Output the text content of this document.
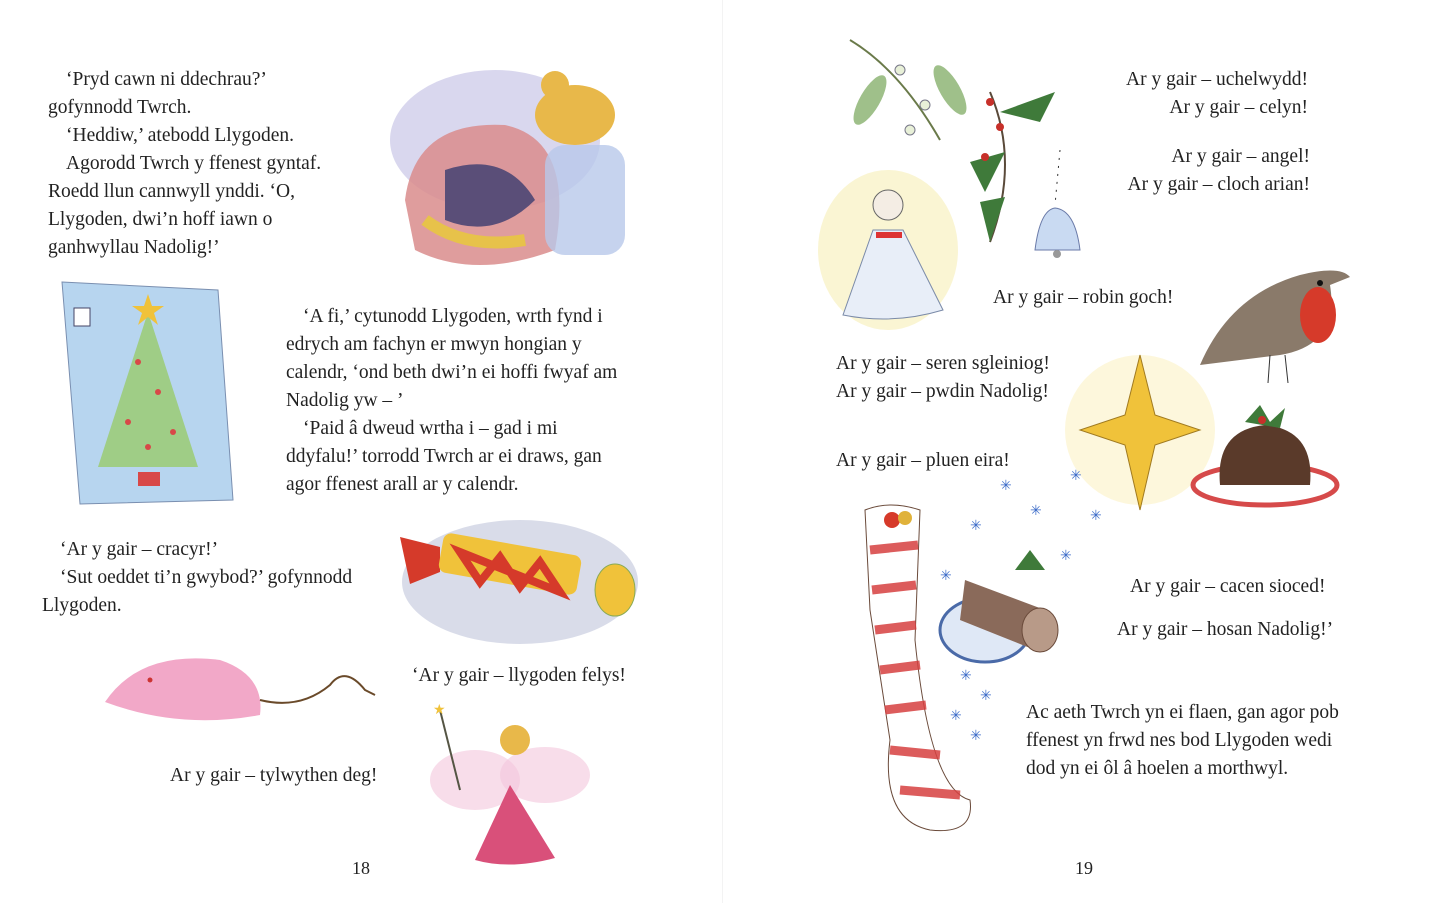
‘Pryd cawn ni ddechrau?’
gofynnodd Twrch.
‘Heddiw,’ atebodd Llygoden.
Agorodd Twrch y ffenest gyntaf.
Roedd llun cannwyll ynddi. ‘O,
Llygoden, dwi’n hoff iawn o
ganhwyllau Nadolig!’
‘A fi,’ cytunodd Llygoden, wrth fynd i
edrych am fachyn er mwyn hongian y
calendr, ‘ond beth dwi’n ei hoffi fwyaf am
Nadolig yw – ’
‘Paid â dweud wrtha i – gad i mi
ddyfalu!’ torrodd Twrch ar ei draws, gan
agor ffenest arall ar y calendr.
‘Ar y gair – cracyr!’
‘Sut oeddet ti’n gwybod?’ gofynnodd
Llygoden.
‘Ar y gair – llygoden felys!
Ar y gair – tylwythen deg!
18
★
Ar y gair – uchelwydd!
Ar y gair – celyn!
Ar y gair – angel!
Ar y gair – cloch arian!
Ar y gair – robin goch!
Ar y gair – seren sgleiniog!
Ar y gair – pwdin Nadolig!
Ar y gair – pluen eira!
Ar y gair – cacen sioced!
Ar y gair – hosan Nadolig!’
Ac aeth Twrch yn ei flaen, gan agor pob
ffenest yn frwd nes bod Llygoden wedi
dod yn ei ôl â hoelen a morthwyl.
19
✳
✳	✳
✳
✳
✳
✳
✳
✳
✳
✳
